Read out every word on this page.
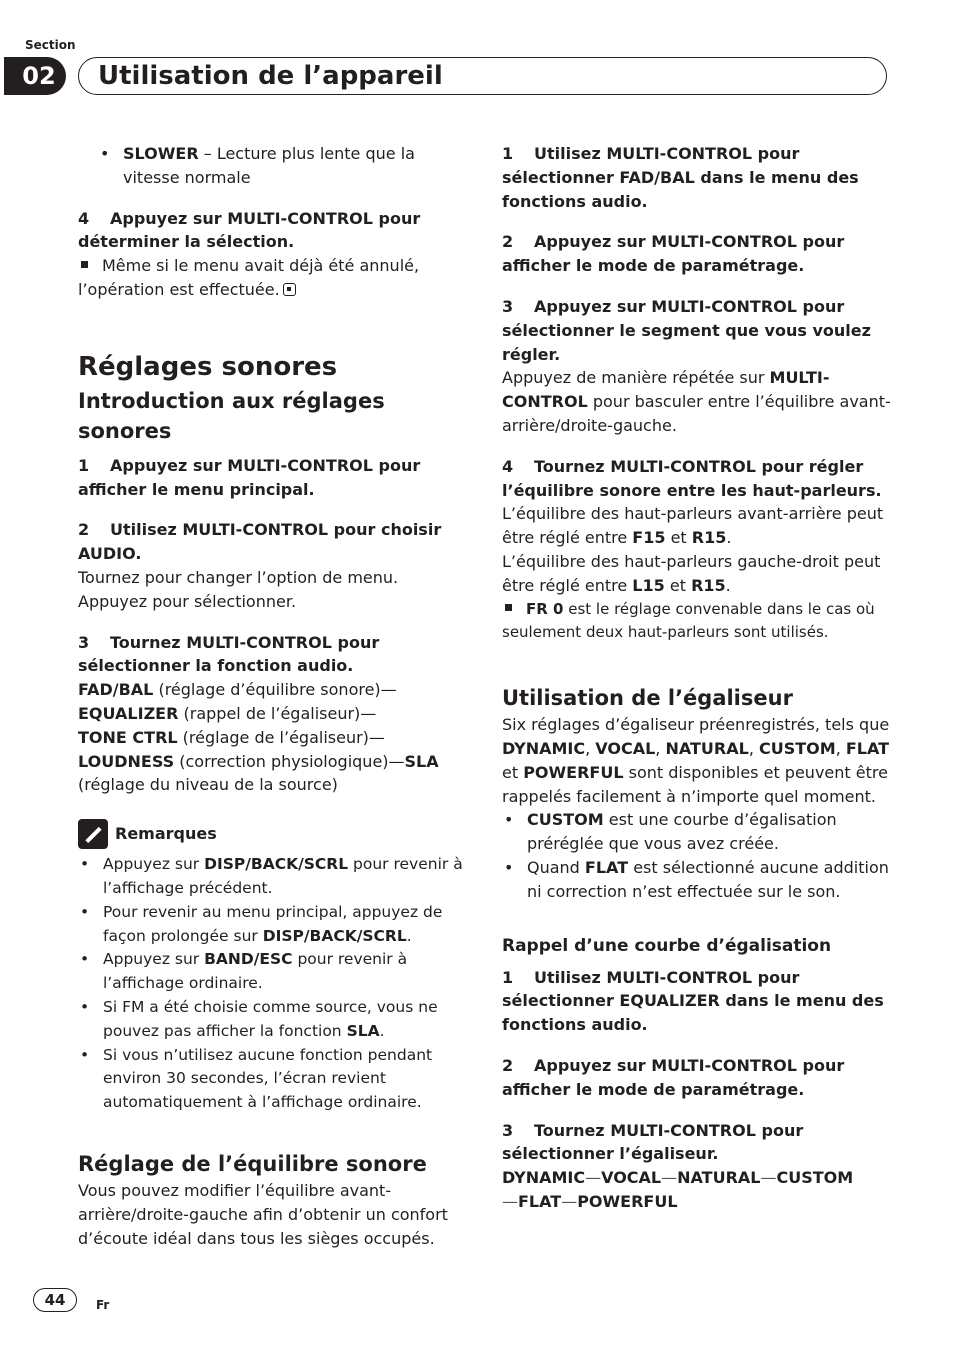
Section
02	Utilisation de l’appareil
• SLOWER – Lecture plus lente que la vitesse normale

4 Appuyez sur MULTI-CONTROL pour déterminer la sélection.

Même si le menu avait déjà été annulé, l’opération est effectuée.

Réglages sonores
Introduction aux réglages sonores

1 Appuyez sur MULTI-CONTROL pour afficher le menu principal.

2 Utilisez MULTI-CONTROL pour choisir AUDIO.

Tournez pour changer l’option de menu. Appuyez pour sélectionner.

3 Tournez MULTI-CONTROL pour sélectionner la fonction audio.

FAD/BAL (réglage d’équilibre sonore)—
EQUALIZER (rappel de l’égaliseur)—
TONE CTRL (réglage de l’égaliseur)—
LOUDNESS (correction physiologique)—SLA
(réglage du niveau de la source)

Remarques
• Appuyez sur DISP/BACK/SCRL pour revenir à l’affichage précédent.
• Pour revenir au menu principal, appuyez de façon prolongée sur DISP/BACK/SCRL.
• Appuyez sur BAND/ESC pour revenir à l’affichage ordinaire.
• Si FM a été choisie comme source, vous ne pouvez pas afficher la fonction SLA.
• Si vous n’utilisez aucune fonction pendant environ 30 secondes, l’écran revient automatiquement à l’affichage ordinaire.
Réglage de l’équilibre sonore

Vous pouvez modifier l’équilibre avant-arrière/droite-gauche afin d’obtenir un confort d’écoute idéal dans tous les sièges occupés.

1 Utilisez MULTI-CONTROL pour sélectionner FAD/BAL dans le menu des fonctions audio.

2 Appuyez sur MULTI-CONTROL pour afficher le mode de paramétrage.

3 Appuyez sur MULTI-CONTROL pour sélectionner le segment que vous voulez régler.

Appuyez de manière répétée sur MULTI-CONTROL pour basculer entre l’équilibre avant-arrière/droite-gauche.

4 Tournez MULTI-CONTROL pour régler l’équilibre sonore entre les haut-parleurs.

L’équilibre des haut-parleurs avant-arrière peut être réglé entre F15 et R15.

L’équilibre des haut-parleurs gauche-droit peut être réglé entre L15 et R15.

FR 0 est le réglage convenable dans le cas où seulement deux haut-parleurs sont utilisés.

Utilisation de l’égaliseur

Six réglages d’égaliseur préenregistrés, tels que DYNAMIC, VOCAL, NATURAL, CUSTOM, FLAT et POWERFUL sont disponibles et peuvent être rappelés facilement à n’importe quel moment.

• CUSTOM est une courbe d’égalisation préréglée que vous avez créée.
• Quand FLAT est sélectionné aucune addition ni correction n’est effectuée sur le son.
Rappel d’une courbe d’égalisation

1 Utilisez MULTI-CONTROL pour sélectionner EQUALIZER dans le menu des fonctions audio.

2 Appuyez sur MULTI-CONTROL pour afficher le mode de paramétrage.

3 Tournez MULTI-CONTROL pour sélectionner l’égaliseur.

DYNAMIC—VOCAL—NATURAL—CUSTOM
—FLAT—POWERFUL

44	Fr
